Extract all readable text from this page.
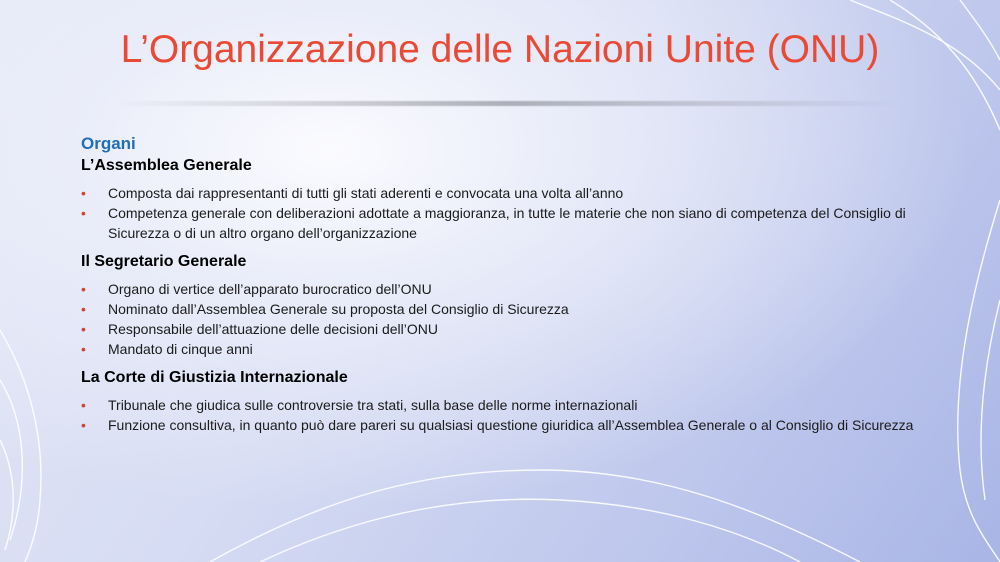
L’Organizzazione delle Nazioni Unite (ONU)
Organi
L’Assemblea Generale
• Composta dai rappresentanti di tutti gli stati aderenti e convocata una volta all’anno
• Competenza generale con deliberazioni adottate a maggioranza, in tutte le materie che non siano di competenza del Consiglio di Sicurezza o di un altro organo dell’organizzazione
Il Segretario Generale
• Organo di vertice dell’apparato burocratico dell’ONU
• Nominato dall’Assemblea Generale su proposta del Consiglio di Sicurezza
• Responsabile dell’attuazione delle decisioni dell’ONU
• Mandato di cinque anni
La Corte di Giustizia Internazionale
• Tribunale che giudica sulle controversie tra stati, sulla base delle norme internazionali
• Funzione consultiva, in quanto può dare pareri su qualsiasi questione giuridica all’Assemblea Generale o al Consiglio di Sicurezza
